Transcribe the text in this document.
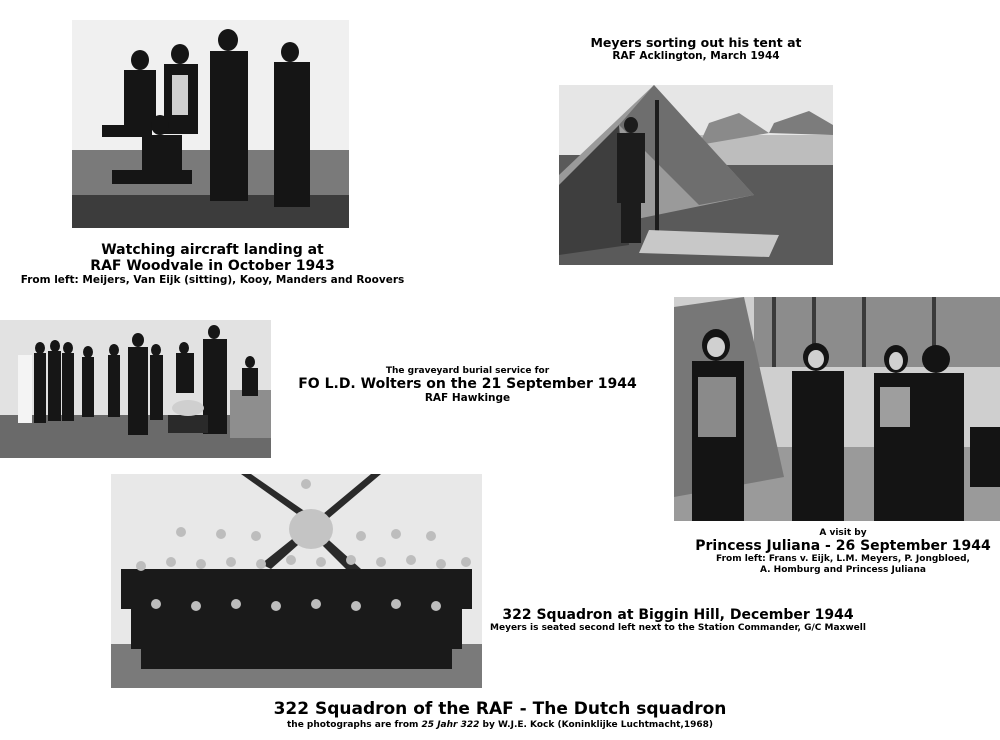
Watching aircraft landing at
RAF Woodvale in October 1943
From left: Meijers, Van Eijk (sitting), Kooy, Manders and Roovers
Meyers sorting out his tent at
RAF Acklington, March 1944
The graveyard burial service for
FO L.D. Wolters on the 21 September 1944
RAF Hawkinge
A visit by
Princess Juliana - 26 September 1944
From left: Frans v. Eijk, L.M. Meyers, P. Jongbloed,
A. Homburg and Princess Juliana
322 Squadron at Biggin Hill, December 1944
Meyers is seated second left next to the Station Commander, G/C Maxwell
322 Squadron of the RAF - The Dutch squadron
the photographs are from 25 Jahr 322 by W.J.E. Kock (Koninklijke Luchtmacht,1968)
